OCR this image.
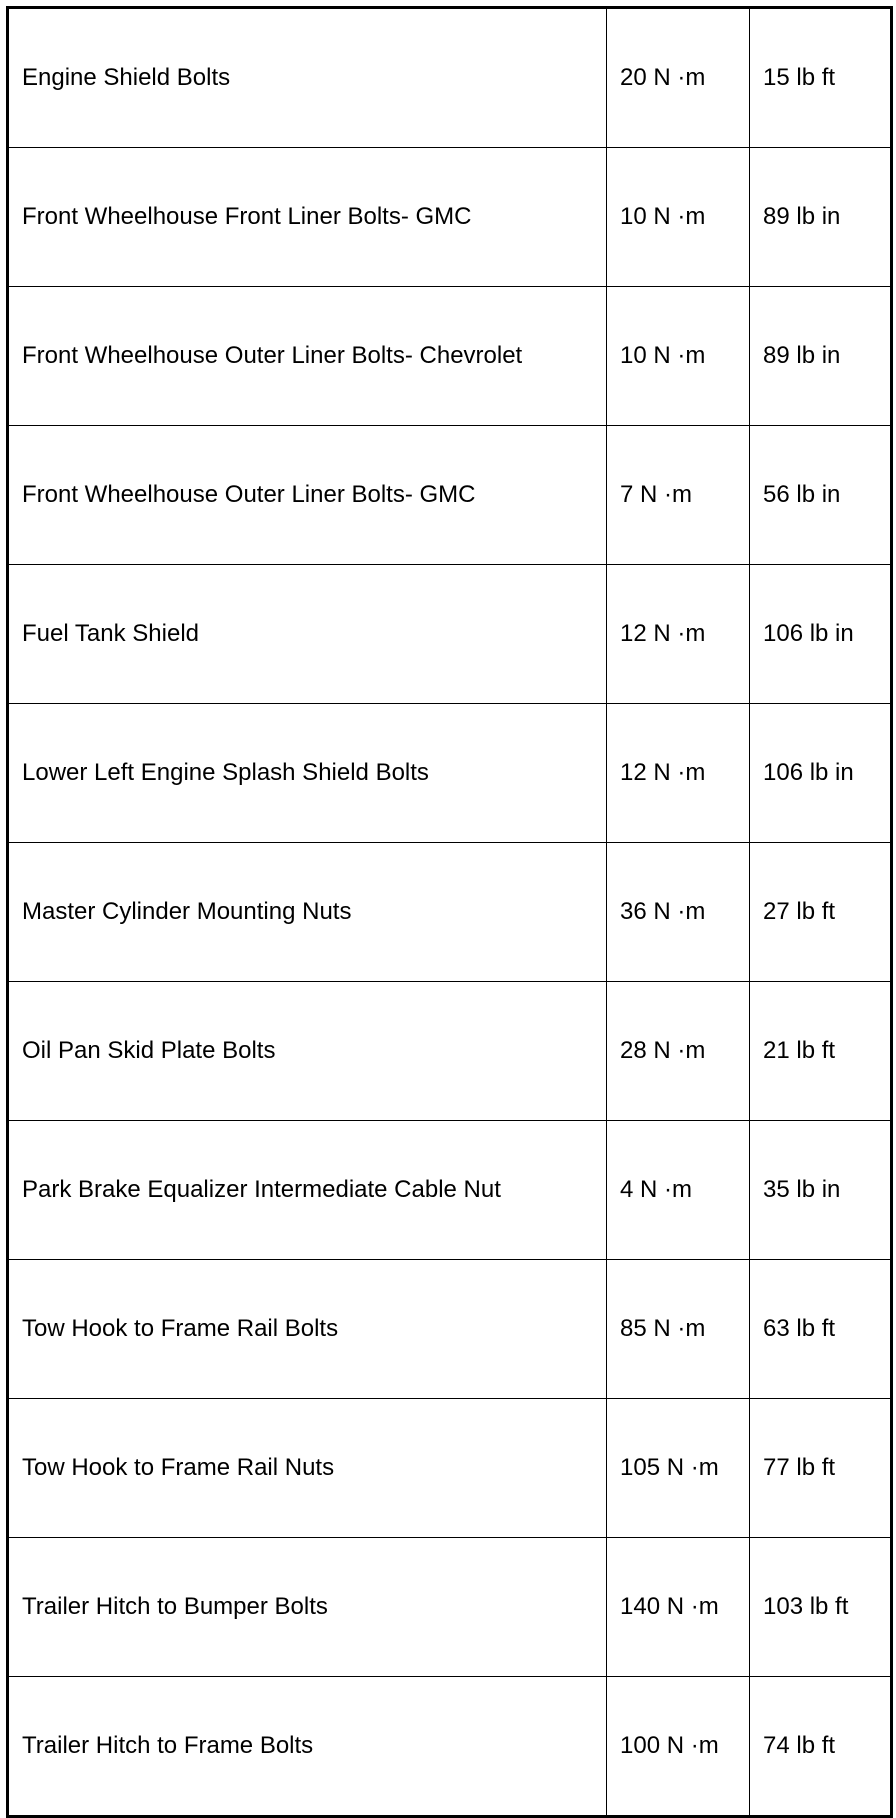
Engine Shield Bolts	20 N ·m	15 lb ft
Front Wheelhouse Front Liner Bolts- GMC	10 N ·m	89 lb in
Front Wheelhouse Outer Liner Bolts- Chevrolet	10 N ·m	89 lb in
Front Wheelhouse Outer Liner Bolts- GMC	7 N ·m	56 lb in
Fuel Tank Shield	12 N ·m	106 lb in
Lower Left Engine Splash Shield Bolts	12 N ·m	106 lb in
Master Cylinder Mounting Nuts	36 N ·m	27 lb ft
Oil Pan Skid Plate Bolts	28 N ·m	21 lb ft
Park Brake Equalizer Intermediate Cable Nut	4 N ·m	35 lb in
Tow Hook to Frame Rail Bolts	85 N ·m	63 lb ft
Tow Hook to Frame Rail Nuts	105 N ·m	77 lb ft
Trailer Hitch to Bumper Bolts	140 N ·m	103 lb ft
Trailer Hitch to Frame Bolts	100 N ·m	74 lb ft
